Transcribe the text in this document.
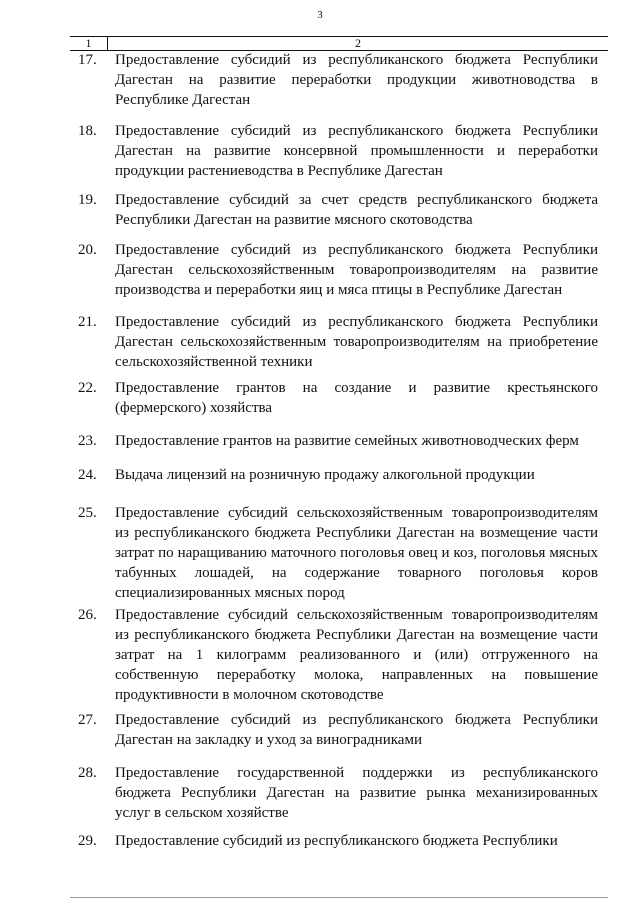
3
1	2
17.	Предоставление субсидий из республиканского бюджета Республики Дагестан на развитие переработки продукции животноводства в Республике Дагестан
18.	Предоставление субсидий из республиканского бюджета Республики Дагестан на развитие консервной промышленности и переработки продукции растениеводства в Республике Дагестан
19.	Предоставление субсидий за счет средств республиканского бюджета Республики Дагестан на развитие мясного скотоводства
20.	Предоставление субсидий из республиканского бюджета Республики Дагестан сельскохозяйственным товаропроизводителям на развитие производства и переработки яиц и мяса птицы в Республике Дагестан
21.	Предоставление субсидий из республиканского бюджета Республики Дагестан сельскохозяйственным товаропроизводителям на приобретение сельскохозяйственной техники
22.	Предоставление грантов на создание и развитие крестьянского (фермерского) хозяйства
23.	Предоставление грантов на развитие семейных животноводческих ферм
24.	Выдача лицензий на розничную продажу алкогольной продукции
25.	Предоставление субсидий сельскохозяйственным товаропроизводителям из республиканского бюджета Республики Дагестан на возмещение части затрат по наращиванию маточного поголовья овец и коз, поголовья мясных табунных лошадей, на содержание товарного поголовья коров специализированных мясных пород
26.	Предоставление субсидий сельскохозяйственным товаропроизводителям из республиканского бюджета Республики Дагестан на возмещение части затрат на 1 килограмм реализованного и (или) отгруженного на собственную переработку молока, направленных на повышение продуктивности в молочном скотоводстве
27.	Предоставление субсидий из республиканского бюджета Республики Дагестан на закладку и уход за виноградниками
28.	Предоставление государственной поддержки из республиканского бюджета Республики Дагестан на развитие рынка механизированных услуг в сельском хозяйстве
29.	Предоставление субсидий из республиканского бюджета Республики
